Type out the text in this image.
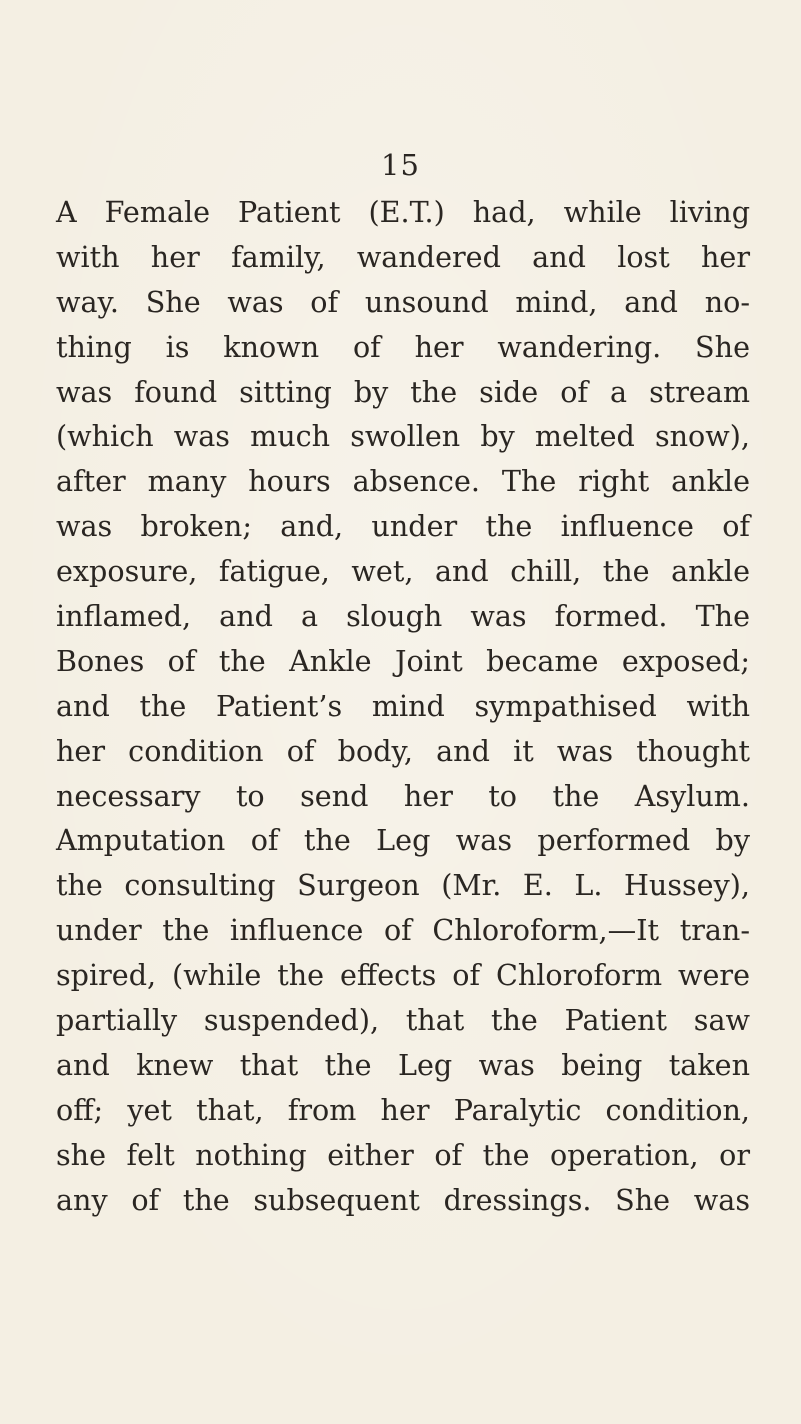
15
A Female Patient (E.T.) had, while living
with her family, wandered and lost her
way. She was of unsound mind, and no-
thing is known of her wandering. She
was found sitting by the side of a stream
(which was much swollen by melted snow),
after many hours absence. The right ankle
was broken; and, under the influence of
exposure, fatigue, wet, and chill, the ankle
inflamed, and a slough was formed. The
Bones of the Ankle Joint became exposed;
and the Patient’s mind sympathised with
her condition of body, and it was thought
necessary to send her to the Asylum.
Amputation of the Leg was performed by
the consulting Surgeon (Mr. E. L. Hussey),
under the influence of Chloroform,—It tran-
spired, (while the effects of Chloroform were
partially suspended), that the Patient saw
and knew that the Leg was being taken
off; yet that, from her Paralytic condition,
she felt nothing either of the operation, or
any of the subsequent dressings. She was
